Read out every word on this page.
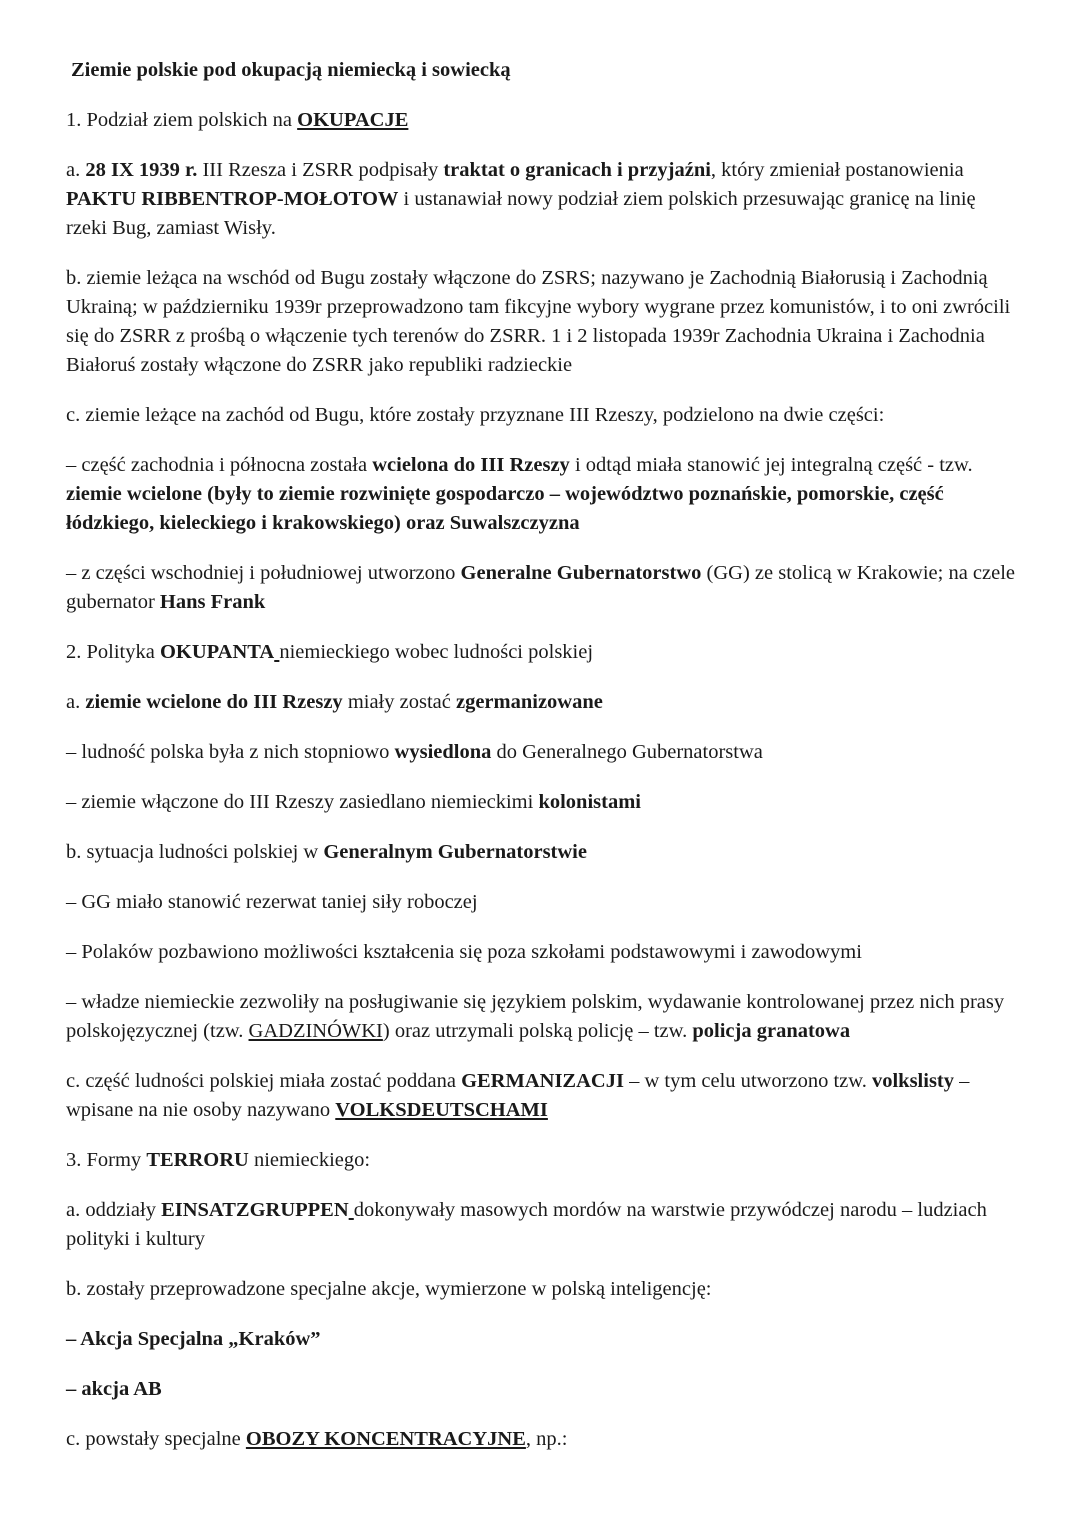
Ziemie polskie pod okupacją niemiecką i sowiecką

1. Podział ziem polskich na OKUPACJE

a. 28 IX 1939 r. III Rzesza i ZSRR podpisały traktat o granicach i przyjaźni, który zmieniał postanowienia PAKTU RIBBENTROP-MOŁOTOW i ustanawiał nowy podział ziem polskich przesuwając granicę na linię rzeki Bug, zamiast Wisły.

b. ziemie leżąca na wschód od Bugu zostały włączone do ZSRS; nazywano je Zachodnią Białorusią i Zachodnią Ukrainą; w październiku 1939r przeprowadzono tam fikcyjne wybory wygrane przez komunistów, i to oni zwrócili się do ZSRR z prośbą o włączenie tych terenów do ZSRR. 1 i 2 listopada 1939r Zachodnia Ukraina i Zachodnia Białoruś zostały włączone do ZSRR jako republiki radzieckie

c. ziemie leżące na zachód od Bugu, które zostały przyznane III Rzeszy, podzielono na dwie części:

– część zachodnia i północna została wcielona do III Rzeszy i odtąd miała stanowić jej integralną część - tzw. ziemie wcielone (były to ziemie rozwinięte gospodarczo – województwo poznańskie, pomorskie, część łódzkiego, kieleckiego i krakowskiego) oraz Suwalszczyzna

– z części wschodniej i południowej utworzono Generalne Gubernatorstwo (GG) ze stolicą w Krakowie; na czele gubernator Hans Frank

2. Polityka OKUPANTA niemieckiego wobec ludności polskiej

a. ziemie wcielone do III Rzeszy miały zostać zgermanizowane

– ludność polska była z nich stopniowo wysiedlona do Generalnego Gubernatorstwa

– ziemie włączone do III Rzeszy zasiedlano niemieckimi kolonistami

b. sytuacja ludności polskiej w Generalnym Gubernatorstwie

– GG miało stanowić rezerwat taniej siły roboczej

– Polaków pozbawiono możliwości kształcenia się poza szkołami podstawowymi i zawodowymi

– władze niemieckie zezwoliły na posługiwanie się językiem polskim, wydawanie kontrolowanej przez nich prasy polskojęzycznej (tzw. GADZINÓWKI) oraz utrzymali polską policję – tzw. policja granatowa

c. część ludności polskiej miała zostać poddana GERMANIZACJI – w tym celu utworzono tzw. volkslisty – wpisane na nie osoby nazywano VOLKSDEUTSCHAMI

3. Formy TERRORU niemieckiego:

a. oddziały EINSATZGRUPPEN dokonywały masowych mordów na warstwie przywódczej narodu – ludziach polityki i kultury

b. zostały przeprowadzone specjalne akcje, wymierzone w polską inteligencję:

– Akcja Specjalna „Kraków”

– akcja AB

c. powstały specjalne OBOZY KONCENTRACYJNE, np.:
